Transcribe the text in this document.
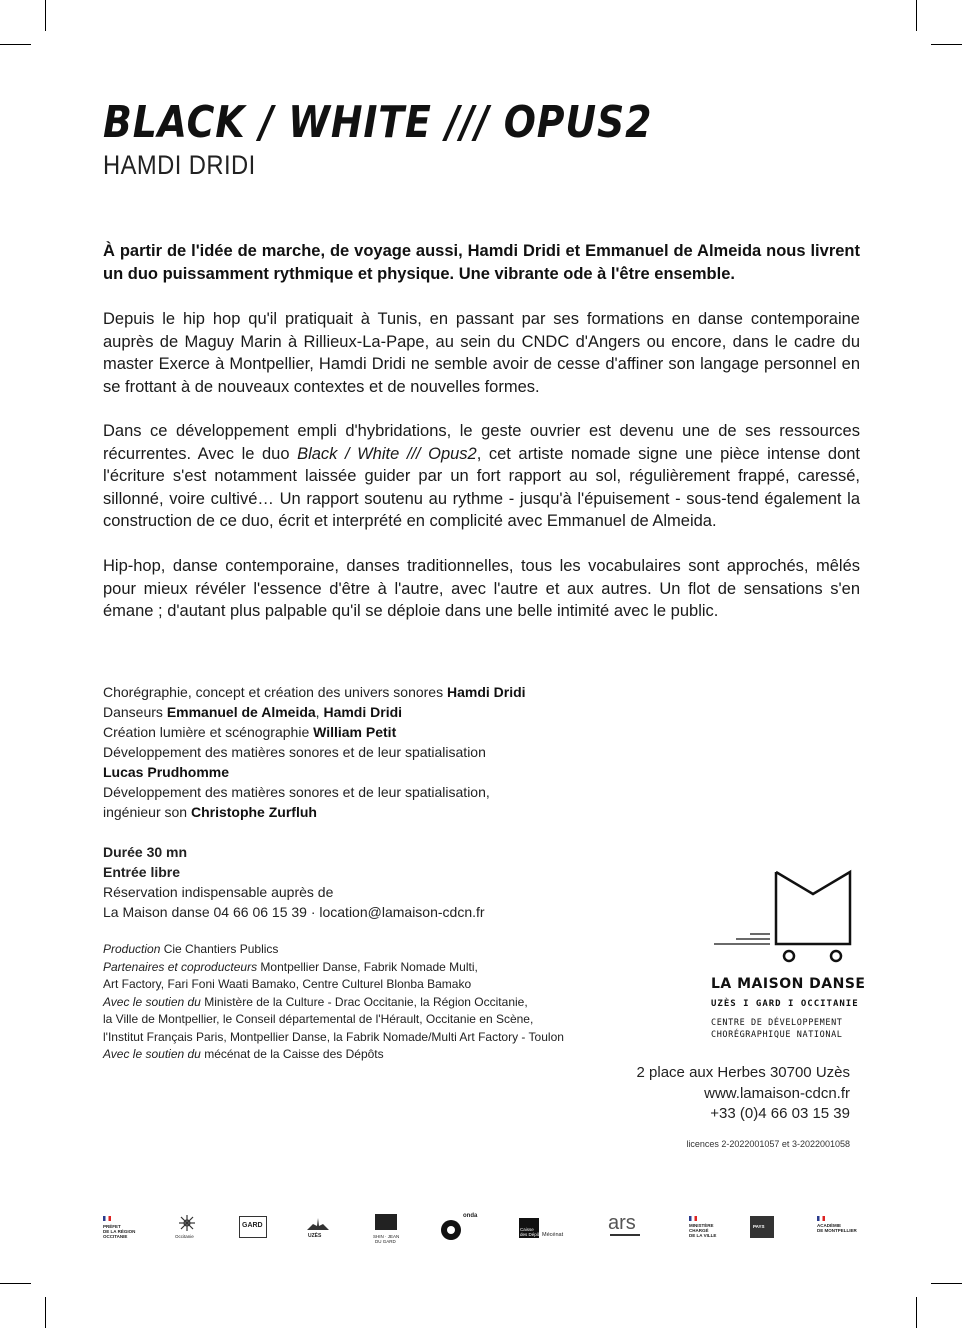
BLACK / WHITE /// OPUS2
HAMDI DRIDI

À partir de l'idée de marche, de voyage aussi, Hamdi Dridi et Emmanuel de Almeida nous livrent un duo puissamment rythmique et physique. Une vibrante ode à l'être ensemble.

Depuis le hip hop qu'il pratiquait à Tunis, en passant par ses formations en danse contemporaine auprès de Maguy Marin à Rillieux-La-Pape, au sein du CNDC d'Angers ou encore, dans le cadre du master Exerce à Montpellier, Hamdi Dridi ne semble avoir de cesse d'affiner son langage personnel en se frottant à de nouveaux contextes et de nouvelles formes.

Dans ce développement empli d'hybridations, le geste ouvrier est devenu une de ses ressources récurrentes. Avec le duo Black / White /// Opus2, cet artiste nomade signe une pièce intense dont l'écriture s'est notamment laissée guider par un fort rapport au sol, régulièrement frappé, caressé, sillonné, voire cultivé… Un rapport soutenu au rythme - jusqu'à l'épuisement - sous-tend également la construction de ce duo, écrit et interprété en complicité avec Emmanuel de Almeida.

Hip-hop, danse contemporaine, danses traditionnelles, tous les vocabulaires sont approchés, mêlés pour mieux révéler l'essence d'être à l'autre, avec l'autre et aux autres. Un flot de sensations s'en émane ; d'autant plus palpable qu'il se déploie dans une belle intimité avec le public.

Chorégraphie, concept et création des univers sonores Hamdi Dridi
Danseurs Emmanuel de Almeida, Hamdi Dridi
Création lumière et scénographie William Petit
Développement des matières sonores et de leur spatialisation
Lucas Prudhomme
Développement des matières sonores et de leur spatialisation,
ingénieur son Christophe Zurfluh
Durée 30 mn
Entrée libre
Réservation indispensable auprès de
La Maison danse 04 66 06 15 39 · location@lamaison-cdcn.fr
Production Cie Chantiers Publics
Partenaires et coproducteurs Montpellier Danse, Fabrik Nomade Multi,
Art Factory, Fari Foni Waati Bamako, Centre Culturel Blonba Bamako
Avec le soutien du Ministère de la Culture - Drac Occitanie, la Région Occitanie,
la Ville de Montpellier, le Conseil départemental de l'Hérault, Occitanie en Scène,
l'Institut Français Paris, Montpellier Danse, la Fabrik Nomade/Multi Art Factory - Toulon
Avec le soutien du mécénat de la Caisse des Dépôts
LA MAISON DANSE
UZÈS I GARD I OCCITANIE
CENTRE DE DÉVELOPPEMENT
CHORÉGRAPHIQUE NATIONAL
2 place aux Herbes 30700 Uzès
www.lamaison-cdcn.fr
+33 (0)4 66 03 15 39
licences 2-2022001057 et 3-2022001058
PRÉFET
DE LA RÉGION
OCCITANIE	Occitanie
GARD
UZÈS	SHIN · JEAN
DU GARD
onda
Caisse
des Dépôts Mécénat
ars	MINISTÈRE
CHARGÉ
DE LA VILLE
PAYS	ACADÉMIE
DE MONTPELLIER
